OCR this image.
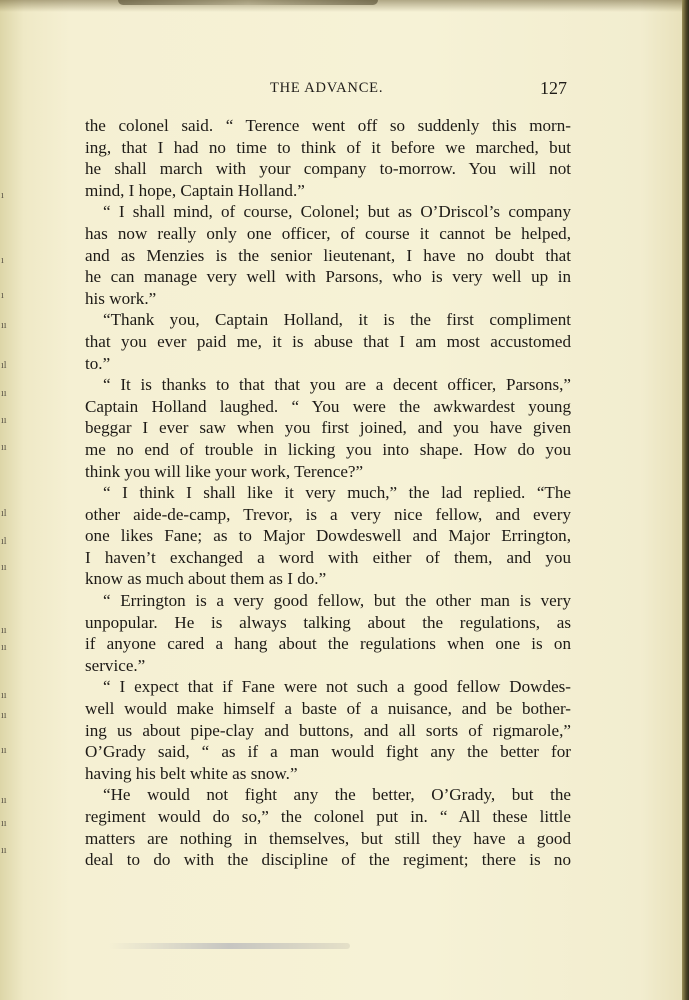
ı
ı
ı
ıı
ıl
ıı
ıı
ıı
ıl
ıl
ıı
ıı
ıı
ıı
ıı
ıı
ıı
ıı
ıı
THE ADVANCE.	127
the colonel said. “ Terence went off so suddenly this morn-
ing, that I had no time to think of it before we marched, but
he shall march with your company to-morrow. You will not
mind, I hope, Captain Holland.”
“ I shall mind, of course, Colonel; but as O’Driscol’s company
has now really only one officer, of course it cannot be helped,
and as Menzies is the senior lieutenant, I have no doubt that
he can manage very well with Parsons, who is very well up in
his work.”
“Thank you, Captain Holland, it is the first compliment
that you ever paid me, it is abuse that I am most accustomed
to.”
“ It is thanks to that that you are a decent officer, Parsons,”
Captain Holland laughed. “ You were the awkwardest young
beggar I ever saw when you first joined, and you have given
me no end of trouble in licking you into shape. How do you
think you will like your work, Terence?”
“ I think I shall like it very much,” the lad replied. “The
other aide-de-camp, Trevor, is a very nice fellow, and every
one likes Fane; as to Major Dowdeswell and Major Errington,
I haven’t exchanged a word with either of them, and you
know as much about them as I do.”
“ Errington is a very good fellow, but the other man is very
unpopular. He is always talking about the regulations, as
if anyone cared a hang about the regulations when one is on
service.”
“ I expect that if Fane were not such a good fellow Dowdes-
well would make himself a baste of a nuisance, and be bother-
ing us about pipe-clay and buttons, and all sorts of rigmarole,”
O’Grady said, “ as if a man would fight any the better for
having his belt white as snow.”
“He would not fight any the better, O’Grady, but the
regiment would do so,” the colonel put in. “ All these little
matters are nothing in themselves, but still they have a good
deal to do with the discipline of the regiment; there is no
